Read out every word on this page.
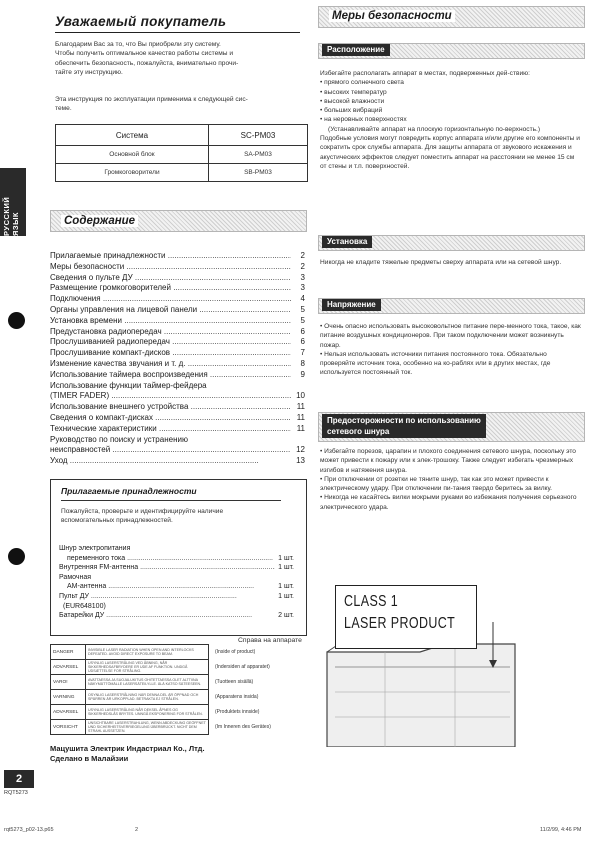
Уважаемый покупатель
Благодарим Вас за то, что Вы приобрели эту систему.
Чтобы получить оптимальное качество работы системы и
обеспечить безопасность, пожалуйста, внимательно прочи-
тайте эту инструкцию.
Эта инструкция по эксплуатации применима к следующей сис-
теме.
Система	SC-PM03
Основной блок	SA-PM03
Громкоговорители	SB-PM03
РУССКИЙ ЯЗЫК	Содержание
Прилагаемые принадлежности .....	2
Меры безопасности .....	2
Сведения о пульте ДУ .....	3
Размещение громкоговорителей .....	3
Подключения .....	4
Органы управления на лицевой панели .....	5
Установка времени .....	5
Предустановка радиопередач .....	6
Прослушиванией радиопередач .....	6
Прослушивание компакт-дисков .....	7
Изменение качества звучания и т. д. .....	8
Использование таймера воспроизведения .....	9
Использование функции таймер-фейдера
(TIMER FADER) .....	10
Использование внешнего устройства .....	11
Сведения о компакт-дисках .....	11
Технические характеристики .....	11
Руководство по поиску и устранению
неисправностей .....	12
Уход .....	13
Прилагаемые принадлежности
Пожалуйста, проверьте и идентифицируйте наличие
вспомогательных принадлежностей.
Шнур электропитания
переменного тока .....	1 шт.
Внутренняя FM-антенна .....	1 шт.
Рамочная
АМ-антенна .....	1 шт.
Пульт ДУ .....	1 шт.
(EUR648100)
Батарейки ДУ .....	2 шт.
DANGER	INVISIBLE LASER RADIATION WHEN OPEN AND INTERLOCKS DEFEATED. AVOID DIRECT EXPOSURE TO BEAM.	(Inside of product)
ADVARSEL	USYNLIG LASERSTRÅLING VED ÅBNING, NÅR SIKKERHEDSAFBRYDERE ER UDE AF FUNKTION. UNDGÅ UDSÆTTELSE FOR STRÅLING.	(Indersiden af apparatet)
VARO!	AVATTAESSA JA SUOJALUKITUS OHITETTAESSA OLET ALTTIINA NÄKYMÄTTÖMÄLLE LASERSÄTEILYLLE. ÄLÄ KATSO SÄTEESEEN.	(Tuotteen sisällä)
VARNING	OSYNLIG LASERSTRÅLNING NÄR DENNA DEL ÄR ÖPPNAD OCH SPÄRREN ÄR URKOPPLAD. BETRAKTA EJ STRÅLEN.	(Apparatens insida)
ADVARSEL	USYNLIG LASERSTRÅLING NÅR DEKSEL ÅPNES OG SIKKERHEDSLÅS BRYTES. UNNGÅ EKSPONERING FOR STRÅLEN.	(Produktets innside)
VORSICHT	UNSICHTBARE LASERSTRAHLUNG, WENN ABDECKUNG GEÖFFNET UND SICHERHEITSVERRIEGELUNG ÜBERBRÜCKT. NICHT DEM STRAHL AUSSETZEN.	(Im Inneren des Gerätes)
Мацушита Электрик Индастриал Ко., Лтд.
Сделано в Малайзии
2
RQT5273
rqt5273_p02-13.p65	2	11/2/99, 4:46 PM
Меры безопасности
Расположение

Избегайте располагать аппарат в местах, подверженных дей-ствию:

• прямого солнечного света

• высоких температур

• высокой влажности

• больших вибраций

• на неровных поверхностях

(Устанавливайте аппарат на плоскую горизонтальную по-верхность.)

Подобные условия могут повредить корпус аппарата и/или другие его компоненты и сократить срок службы аппарата. Для защиты аппарата от звукового искажения и акустических эффектов следует поместить аппарат на расстоянии не менее 15 см от стены и т.п. поверхностей.

Установка

Никогда не кладите тяжелые предметы сверху аппарата или на сетевой шнур.

Напряжение

• Очень опасно использовать высоковольтное питание пере-менного тока, такое, как питание воздушных кондиционеров. При таком подключении может возникнуть пожар.

• Нельзя использовать источники питания постоянного тока. Обязательно проверяйте источник тока, особенно на ко-раблях или в других местах, где используется постоянный ток.

Предосторожности по использованию
сетевого шнура

• Избегайте порезов, царапин и плохого соединения сетевого шнура, поскольку это может привести к пожару или к элек-трошоку. Также следует избегать чрезмерных изгибов и натяжения шнура.

• При отключении от розетки не тяните шнур, так как это может привести к электрическому удару. При отключении пи-тания твердо беритесь за вилку.

• Никогда не касайтесь вилки мокрыми руками во избежания получения серьезного электрического удара.

CLASS 1
LASER PRODUCT
Справа на аппарате
